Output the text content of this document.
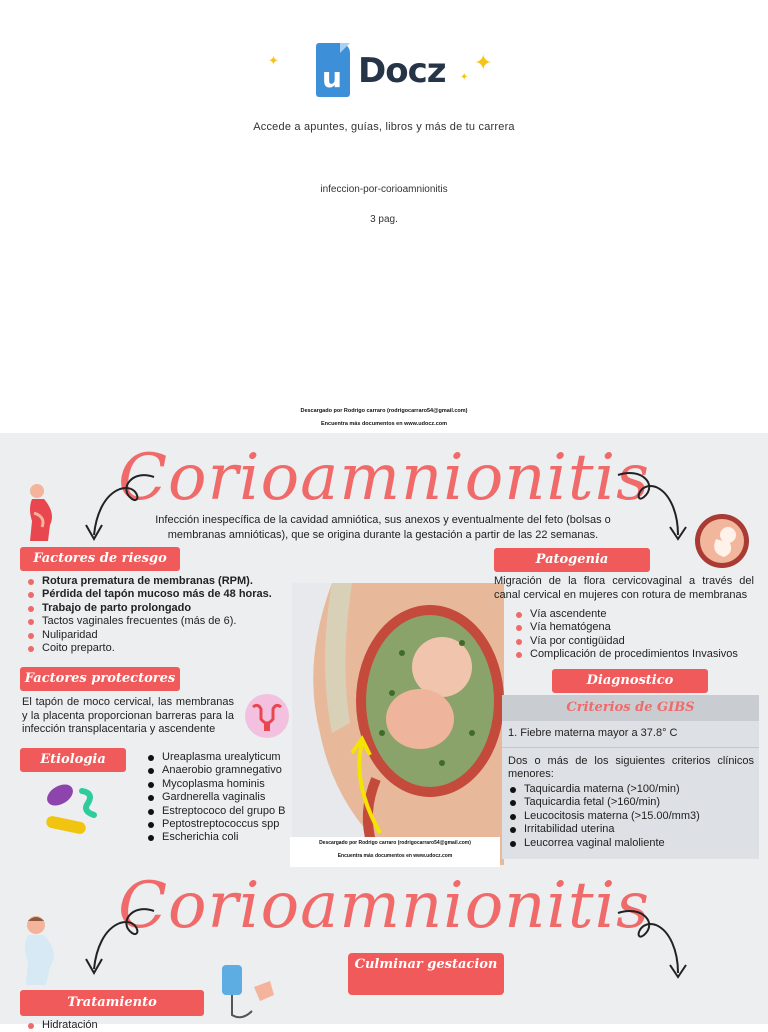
✦	✦
✦
u Docz
Accede a apuntes, guías, libros y más de tu carrera
infeccion-por-corioamnionitis
3 pag.
Descargado por Rodrigo carraro (rodrigocarraro54@gmail.com)
Encuentra más documentos en www.udocz.com
Corioamnionitis
Infección inespecífica de la cavidad amniótica, sus anexos y eventualmente del feto (bolsas o membranas amnióticas), que se origina durante la gestación a partir de las 22 semanas.
Factores de riesgo
Rotura prematura de membranas (RPM).
Pérdida del tapón mucoso más de 48 horas.
Trabajo de parto prolongado
Tactos vaginales frecuentes (más de 6).
Nuliparidad
Coito preparto.
Factores protectores
El tapón de moco cervical, las membranas y la placenta proporcionan barreras para la infección transplacentaria y ascendente
Etiologia	Ureaplasma urealyticum
Anaerobio gramnegativo
Mycoplasma hominis
Gardnerella vaginalis
Estreptococo del grupo B
Peptostreptococcus spp
Escherichia coli	Descargado por Rodrigo carraro (rodrigocarraro54@gmail.com)
Encuentra más documentos en www.udocz.com
Patogenia
Migración de la flora cervicovaginal a través del canal cervical en mujeres con rotura de membranas
Vía ascendente
Vía hematógena
Vía por contigüidad
Complicación de procedimientos Invasivos
Diagnostico
Criterios de GIBS
1. Fiebre materna mayor a 37.8° C
Dos o más de los siguientes criterios clínicos menores:
Taquicardia materna (>100/min)
Taquicardia fetal (>160/min)
Leucocitosis materna (>15.00/mm3)
Irritabilidad uterina
Leucorrea vaginal maloliente
Corioamnionitis
Culminar gestacion
Tratamiento
Hidratación
